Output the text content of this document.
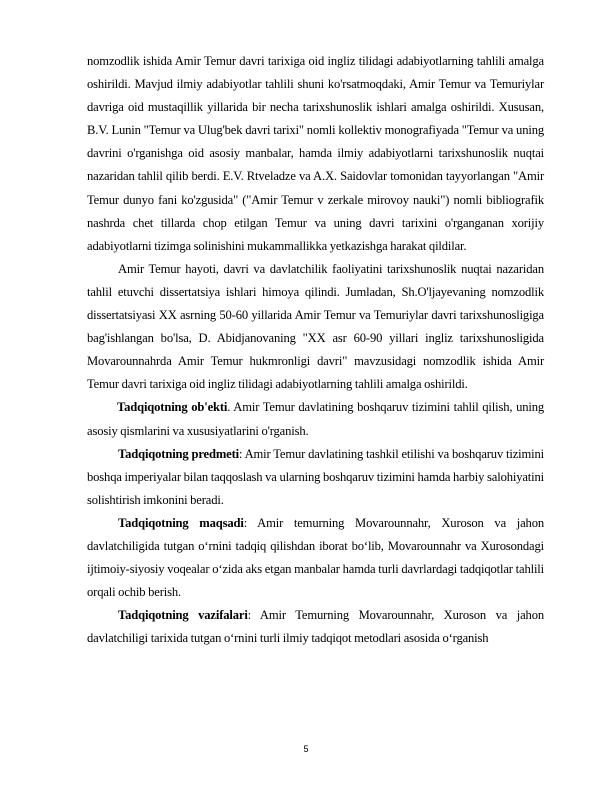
nomzodlik ishida Amir Temur davri tarixiga oid ingliz tilidagi adabiyotlarning tahlili amalga oshirildi. Mavjud ilmiy adabiyotlar tahlili shuni ko'rsatmoqdaki, Amir Temur va Temuriylar davriga oid mustaqillik yillarida bir necha tarixshunoslik ishlari amalga oshirildi. Xususan, B.V. Lunin "Temur va Ulug'bek davri tarixi" nomli kollektiv monografiyada "Temur va uning davrini o'rganishga oid asosiy manbalar, hamda ilmiy adabiyotlarni tarixshunoslik nuqtai nazaridan tahlil qilib berdi. E.V. Rtveladze va A.X. Saidovlar tomonidan tayyorlangan "Amir Temur dunyo fani ko'zgusida" ("Amir Temur v zerkale mirovoy nauki") nomli bibliografik nashrda chet tillarda chop etilgan Temur va uning davri tarixini o'rganganan xorijiy adabiyotlarni tizimga solinishini mukammallikka yetkazishga harakat qildilar.

Amir Temur hayoti, davri va davlatchilik faoliyatini tarixshunoslik nuqtai nazaridan tahlil etuvchi dissertatsiya ishlari himoya qilindi. Jumladan, Sh.O'ljayevaning nomzodlik dissertatsiyasi XX asrning 50-60 yillarida Amir Temur va Temuriylar davri tarixshunosligiga bag'ishlangan bo'lsa, D. Abidjanovaning "XX asr 60-90 yillari ingliz tarixshunosligida Movarounnahrda Amir Temur hukmronligi davri" mavzusidagi nomzodlik ishida Amir Temur davri tarixiga oid ingliz tilidagi adabiyotlarning tahlili amalga oshirildi.

Tadqiqotning ob'ekti. Amir Temur davlatining boshqaruv tizimini tahlil qilish, uning asosiy qismlarini va xususiyatlarini o'rganish.

Tadqiqotning predmeti: Amir Temur davlatining tashkil etilishi va boshqaruv tizimini boshqa imperiyalar bilan taqqoslash va ularning boshqaruv tizimini hamda harbiy salohiyatini solishtirish imkonini beradi.

Tadqiqotning maqsadi: Amir temurning Movarounnahr, Xuroson va jahon davlatchiligida tutgan o‘rnini tadqiq qilishdan iborat bo‘lib, Movarounnahr va Xurosondagi ijtimoiy-siyosiy voqealar o‘zida aks etgan manbalar hamda turli davrlardagi tadqiqotlar tahlili orqali ochib berish.

Tadqiqotning vazifalari: Amir Temurning Movarounnahr, Xuroson va jahon davlatchiligi tarixida tutgan o‘rnini turli ilmiy tadqiqot metodlari asosida o‘rganish

5
